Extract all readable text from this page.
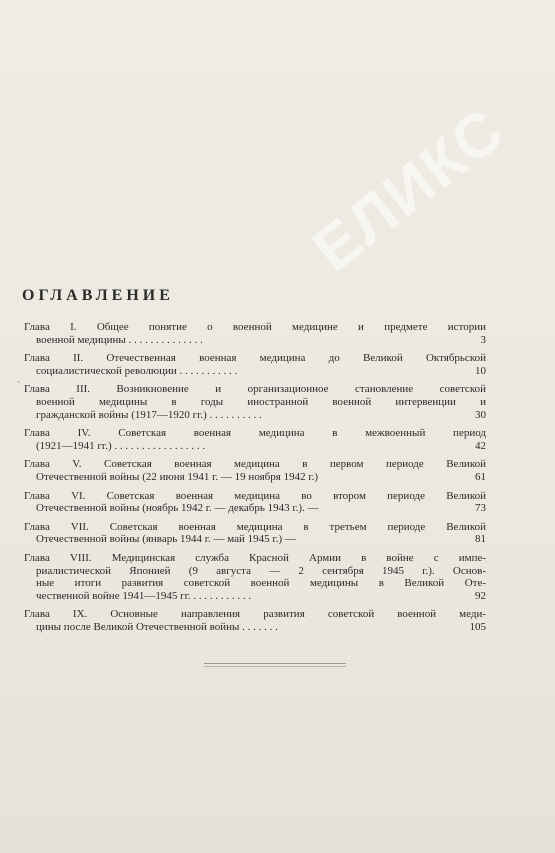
ЕЛИКС
ОГЛАВЛЕНИЕ
ˋ
Глава I. Общее понятие о военной медицине и предмете истории
военной медицины . . . . . . . . . . . . . .	3
Глава II. Отечественная военная медицина до Великой Октябрьской
социалистической революции . . . . . . . . . . .	10
Глава III. Возникновение и организационное становление советской
военной медицины в годы иностранной военной интервенции и
гражданской войны (1917—1920 гг.) . . . . . . . . . .	30
Глава IV. Советская военная медицина в межвоенный период
(1921—1941 гг.) . . . . . . . . . . . . . . . . .	42
Глава V. Советская военная медицина в первом периоде Великой
Отечественной войны (22 июня 1941 г. — 19 ноября 1942 г.)	61
Глава VI. Советская военная медицина во втором периоде Великой
Отечественной войны (ноябрь 1942 г. — декабрь 1943 г.). —	73
Глава VII. Советская военная медицина в третьем периоде Великой
Отечественной войны (январь 1944 г. — май 1945 г.) —	81
Глава VIII. Медицинская служба Красной Армии в войне с импе-
риалистической Японией (9 августа — 2 сентября 1945 г.). Основ-
ные итоги развития советской военной медицины в Великой Оте-
чественной войне 1941—1945 гг. . . . . . . . . . . .	92
Глава IX. Основные направления развития советской военной меди-
цины после Великой Отечественной войны . . . . . . .	105
